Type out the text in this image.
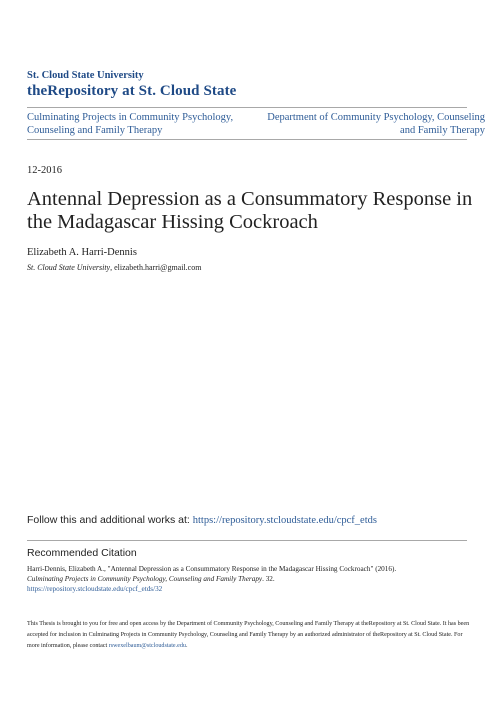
St. Cloud State University
theRepository at St. Cloud State
Culminating Projects in Community Psychology, Counseling and Family Therapy
Department of Community Psychology, Counseling and Family Therapy
12-2016
Antennal Depression as a Consummatory Response in the Madagascar Hissing Cockroach
Elizabeth A. Harri-Dennis
St. Cloud State University, elizabeth.harri@gmail.com
Follow this and additional works at: https://repository.stcloudstate.edu/cpcf_etds
Recommended Citation
Harri-Dennis, Elizabeth A., "Antennal Depression as a Consummatory Response in the Madagascar Hissing Cockroach" (2016).
Culminating Projects in Community Psychology, Counseling and Family Therapy. 32.
https://repository.stcloudstate.edu/cpcf_etds/32
This Thesis is brought to you for free and open access by the Department of Community Psychology, Counseling and Family Therapy at theRepository at St. Cloud State. It has been accepted for inclusion in Culminating Projects in Community Psychology, Counseling and Family Therapy by an authorized administrator of theRepository at St. Cloud State. For more information, please contact rswexelbaum@stcloudstate.edu.
